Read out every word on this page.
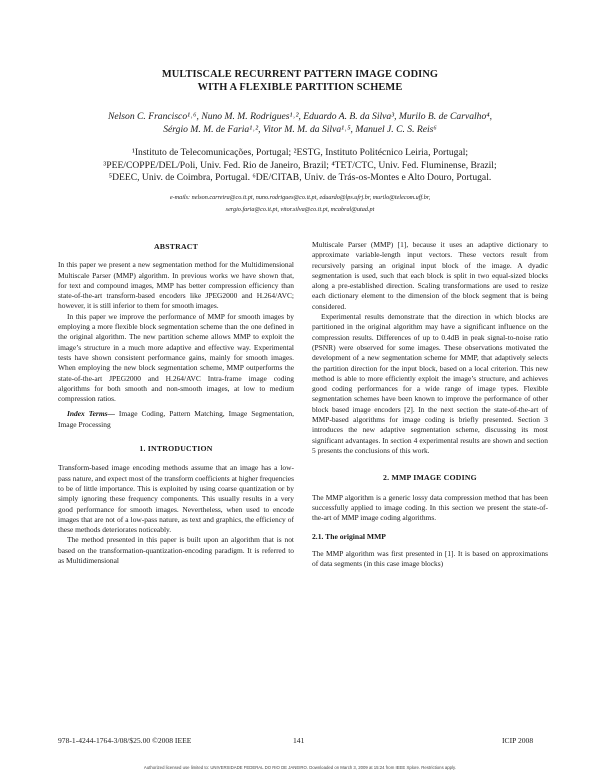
MULTISCALE RECURRENT PATTERN IMAGE CODING
WITH A FLEXIBLE PARTITION SCHEME
Nelson C. Francisco¹˒⁶, Nuno M. M. Rodrigues¹˒², Eduardo A. B. da Silva³, Murilo B. de Carvalho⁴,
Sérgio M. M. de Faria¹˒², Vitor M. M. da Silva¹˒⁵, Manuel J. C. S. Reis⁶
¹Instituto de Telecomunicações, Portugal; ²ESTG, Instituto Politécnico Leiria, Portugal;
³PEE/COPPE/DEL/Poli, Univ. Fed. Rio de Janeiro, Brazil; ⁴TET/CTC, Univ. Fed. Fluminense, Brazil;
⁵DEEC, Univ. de Coimbra, Portugal. ⁶DE/CITAB, Univ. de Trás-os-Montes e Alto Douro, Portugal.
e-mails: nelson.carreira@co.it.pt, nuno.rodrigues@co.it.pt, eduardo@lps.ufrj.br, murilo@telecom.uff.br,
sergio.faria@co.it.pt, vitor.silva@co.it.pt, mcabral@utad.pt

ABSTRACT

In this paper we present a new segmentation method for the Multidimensional Multiscale Parser (MMP) algorithm. In previous works we have shown that, for text and compound images, MMP has better compression efficiency than state-of-the-art transform-based encoders like JPEG2000 and H.264/AVC; however, it is still inferior to them for smooth images.

In this paper we improve the performance of MMP for smooth images by employing a more flexible block segmentation scheme than the one defined in the original algorithm. The new partition scheme allows MMP to exploit the image’s structure in a much more adaptive and effective way. Experimental tests have shown consistent performance gains, mainly for smooth images. When employing the new block segmentation scheme, MMP outperforms the state-of-the-art JPEG2000 and H.264/AVC Intra-frame image coding algorithms for both smooth and non-smooth images, at low to medium compression ratios.

Index Terms— Image Coding, Pattern Matching, Image Segmentation, Image Processing

1. INTRODUCTION

Transform-based image encoding methods assume that an image has a low-pass nature, and expect most of the transform coefficients at higher frequencies to be of little importance. This is exploited by using coarse quantization or by simply ignoring these frequency components. This usually results in a very good performance for smooth images. Nevertheless, when used to encode images that are not of a low-pass nature, as text and graphics, the efficiency of these methods deteriorates noticeably.

The method presented in this paper is built upon an algorithm that is not based on the transformation-quantization-encoding paradigm. It is referred to as Multidimensional

Multiscale Parser (MMP) [1], because it uses an adaptive dictionary to approximate variable-length input vectors. These vectors result from recursively parsing an original input block of the image. A dyadic segmentation is used, such that each block is split in two equal-sized blocks along a pre-established direction. Scaling transformations are used to resize each dictionary element to the dimension of the block segment that is being considered.

Experimental results demonstrate that the direction in which blocks are partitioned in the original algorithm may have a significant influence on the compression results. Differences of up to 0.4dB in peak signal-to-noise ratio (PSNR) were observed for some images. These observations motivated the development of a new segmentation scheme for MMP, that adaptively selects the partition direction for the input block, based on a local criterion. This new method is able to more efficiently exploit the image’s structure, and achieves good coding performances for a wide range of image types. Flexible segmentation schemes have been known to improve the performance of other block based image encoders [2]. In the next section the state-of-the-art of MMP-based algorithms for image coding is briefly presented. Section 3 introduces the new adaptive segmentation scheme, discussing its most significant advantages. In section 4 experimental results are shown and section 5 presents the conclusions of this work.

2. MMP IMAGE CODING

The MMP algorithm is a generic lossy data compression method that has been successfully applied to image coding. In this section we present the state-of-the-art of MMP image coding algorithms.

2.1. The original MMP

The MMP algorithm was first presented in [1]. It is based on approximations of data segments (in this case image blocks)

978-1-4244-1764-3/08/$25.00 ©2008 IEEE	141	ICIP 2008
Authorized licensed use limited to: UNIVERSIDADE FEDERAL DO RIO DE JANEIRO. Downloaded on March 3, 2009 at 15:24 from IEEE Xplore. Restrictions apply.
